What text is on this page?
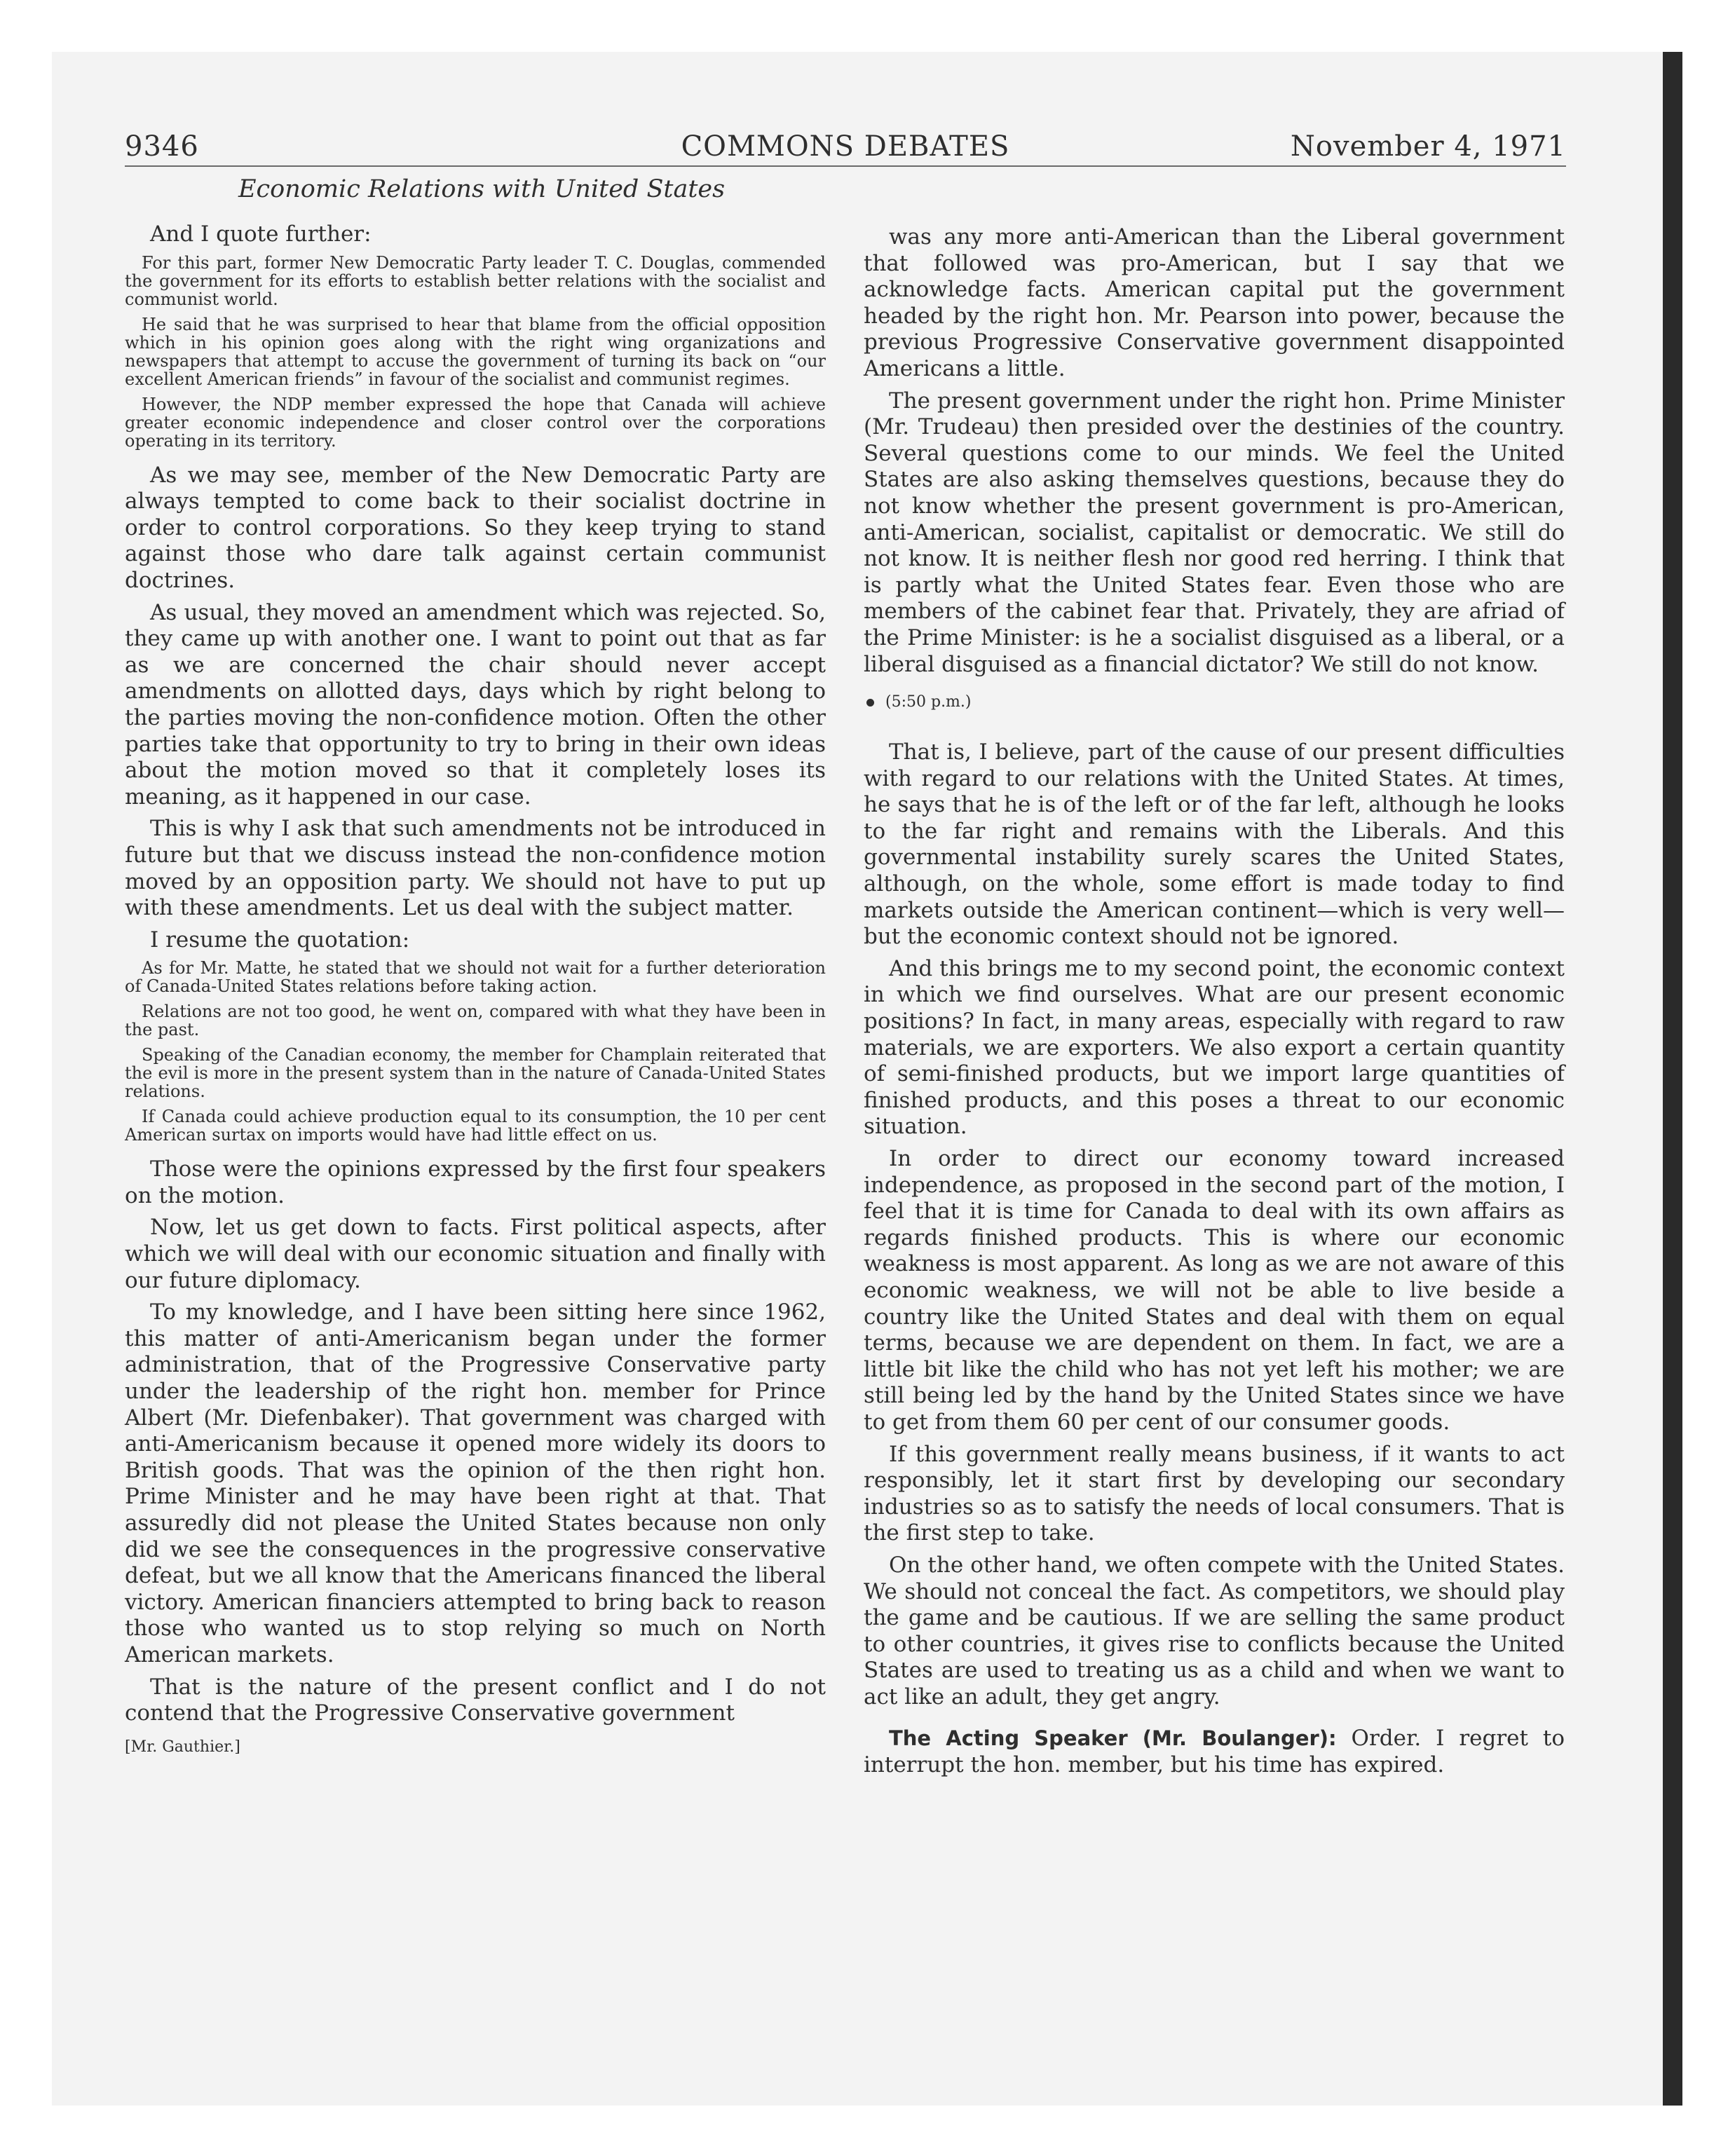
9346	COMMONS DEBATES	November 4, 1971
Economic Relations with United States

And I quote further:

For this part, former New Democratic Party leader T. C. Douglas, commended the government for its efforts to establish better relations with the socialist and communist world.

He said that he was surprised to hear that blame from the official opposition which in his opinion goes along with the right wing organizations and newspapers that attempt to accuse the government of turning its back on “our excellent American friends” in favour of the socialist and communist regimes.

However, the NDP member expressed the hope that Canada will achieve greater economic independence and closer control over the corporations operating in its territory.

As we may see, member of the New Democratic Party are always tempted to come back to their socialist doctrine in order to control corporations. So they keep trying to stand against those who dare talk against certain communist doctrines.

As usual, they moved an amendment which was rejected. So, they came up with another one. I want to point out that as far as we are concerned the chair should never accept amendments on allotted days, days which by right belong to the parties moving the non-confidence motion. Often the other parties take that opportunity to try to bring in their own ideas about the motion moved so that it completely loses its meaning, as it happened in our case.

This is why I ask that such amendments not be introduced in future but that we discuss instead the non-confidence motion moved by an opposition party. We should not have to put up with these amendments. Let us deal with the subject matter.

I resume the quotation:

As for Mr. Matte, he stated that we should not wait for a further deterioration of Canada-United States relations before taking action.

Relations are not too good, he went on, compared with what they have been in the past.

Speaking of the Canadian economy, the member for Champlain reiterated that the evil is more in the present system than in the nature of Canada-United States relations.

If Canada could achieve production equal to its consumption, the 10 per cent American surtax on imports would have had little effect on us.

Those were the opinions expressed by the first four speakers on the motion.

Now, let us get down to facts. First political aspects, after which we will deal with our economic situation and finally with our future diplomacy.

To my knowledge, and I have been sitting here since 1962, this matter of anti-Americanism began under the former administration, that of the Progressive Conservative party under the leadership of the right hon. member for Prince Albert (Mr. Diefenbaker). That government was charged with anti-Americanism because it opened more widely its doors to British goods. That was the opinion of the then right hon. Prime Minister and he may have been right at that. That assuredly did not please the United States because non only did we see the consequences in the progressive conservative defeat, but we all know that the Americans financed the liberal victory. American financiers attempted to bring back to reason those who wanted us to stop relying so much on North American markets.

That is the nature of the present conflict and I do not contend that the Progressive Conservative government

[Mr. Gauthier.]

was any more anti-American than the Liberal government that followed was pro-American, but I say that we acknowledge facts. American capital put the government headed by the right hon. Mr. Pearson into power, because the previous Progressive Conservative government disappointed Americans a little.

The present government under the right hon. Prime Minister (Mr. Trudeau) then presided over the destinies of the country. Several questions come to our minds. We feel the United States are also asking themselves questions, because they do not know whether the present government is pro-American, anti-American, socialist, capitalist or democratic. We still do not know. It is neither flesh nor good red herring. I think that is partly what the United States fear. Even those who are members of the cabinet fear that. Privately, they are afriad of the Prime Minister: is he a socialist disguised as a liberal, or a liberal disguised as a financial dictator? We still do not know.

(5:50 p.m.)

That is, I believe, part of the cause of our present difficulties with regard to our relations with the United States. At times, he says that he is of the left or of the far left, although he looks to the far right and remains with the Liberals. And this governmental instability surely scares the United States, although, on the whole, some effort is made today to find markets outside the American continent—which is very well—but the economic context should not be ignored.

And this brings me to my second point, the economic context in which we find ourselves. What are our present economic positions? In fact, in many areas, especially with regard to raw materials, we are exporters. We also export a certain quantity of semi-finished products, but we import large quantities of finished products, and this poses a threat to our economic situation.

In order to direct our economy toward increased independence, as proposed in the second part of the motion, I feel that it is time for Canada to deal with its own affairs as regards finished products. This is where our economic weakness is most apparent. As long as we are not aware of this economic weakness, we will not be able to live beside a country like the United States and deal with them on equal terms, because we are dependent on them. In fact, we are a little bit like the child who has not yet left his mother; we are still being led by the hand by the United States since we have to get from them 60 per cent of our consumer goods.

If this government really means business, if it wants to act responsibly, let it start first by developing our secondary industries so as to satisfy the needs of local consumers. That is the first step to take.

On the other hand, we often compete with the United States. We should not conceal the fact. As competitors, we should play the game and be cautious. If we are selling the same product to other countries, it gives rise to conflicts because the United States are used to treating us as a child and when we want to act like an adult, they get angry.

The Acting Speaker (Mr. Boulanger): Order. I regret to interrupt the hon. member, but his time has expired.
